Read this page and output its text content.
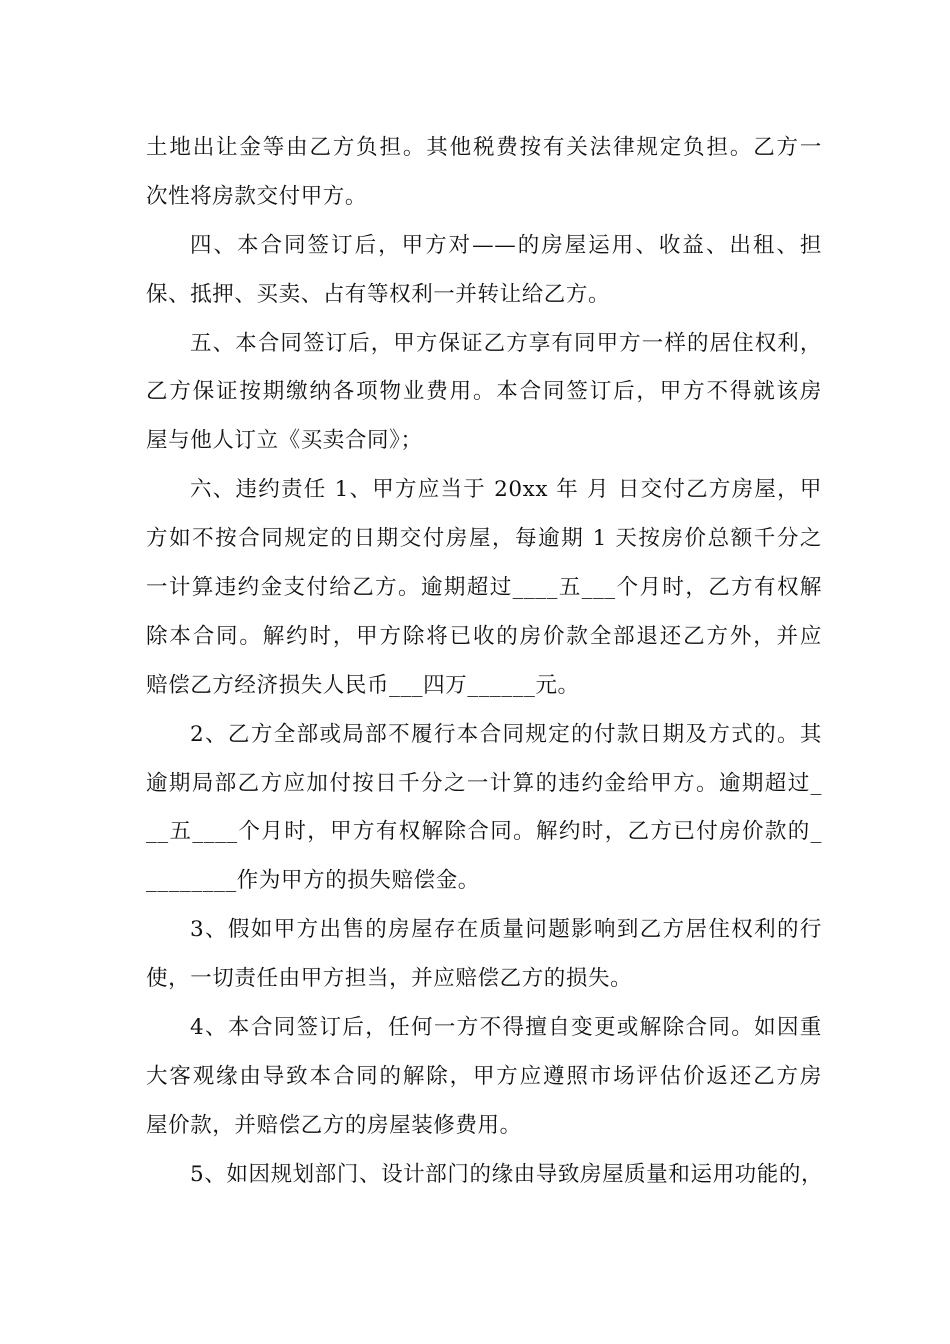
土地出让金等由乙方负担。其他税费按有关法律规定负担。乙方一
次性将房款交付甲方。
四、本合同签订后，甲方对——的房屋运用、收益、出租、担
保、抵押、买卖、占有等权利一并转让给乙方。
五、本合同签订后，甲方保证乙方享有同甲方一样的居住权利，
乙方保证按期缴纳各项物业费用。本合同签订后，甲方不得就该房
屋与他人订立《买卖合同》；
六、违约责任 1、甲方应当于 20xx 年 月 日交付乙方房屋，甲
方如不按合同规定的日期交付房屋，每逾期 1 天按房价总额千分之
一计算违约金支付给乙方。逾期超过____五___个月时，乙方有权解
除本合同。解约时，甲方除将已收的房价款全部退还乙方外，并应
赔偿乙方经济损失人民币___四万______元。
2、乙方全部或局部不履行本合同规定的付款日期及方式的。其
逾期局部乙方应加付按日千分之一计算的违约金给甲方。逾期超过_
__五____个月时，甲方有权解除合同。解约时，乙方已付房价款的_
________作为甲方的损失赔偿金。
3、假如甲方出售的房屋存在质量问题影响到乙方居住权利的行
使，一切责任由甲方担当，并应赔偿乙方的损失。
4、本合同签订后，任何一方不得擅自变更或解除合同。如因重
大客观缘由导致本合同的解除，甲方应遵照市场评估价返还乙方房
屋价款，并赔偿乙方的房屋装修费用。
5、如因规划部门、设计部门的缘由导致房屋质量和运用功能的，
